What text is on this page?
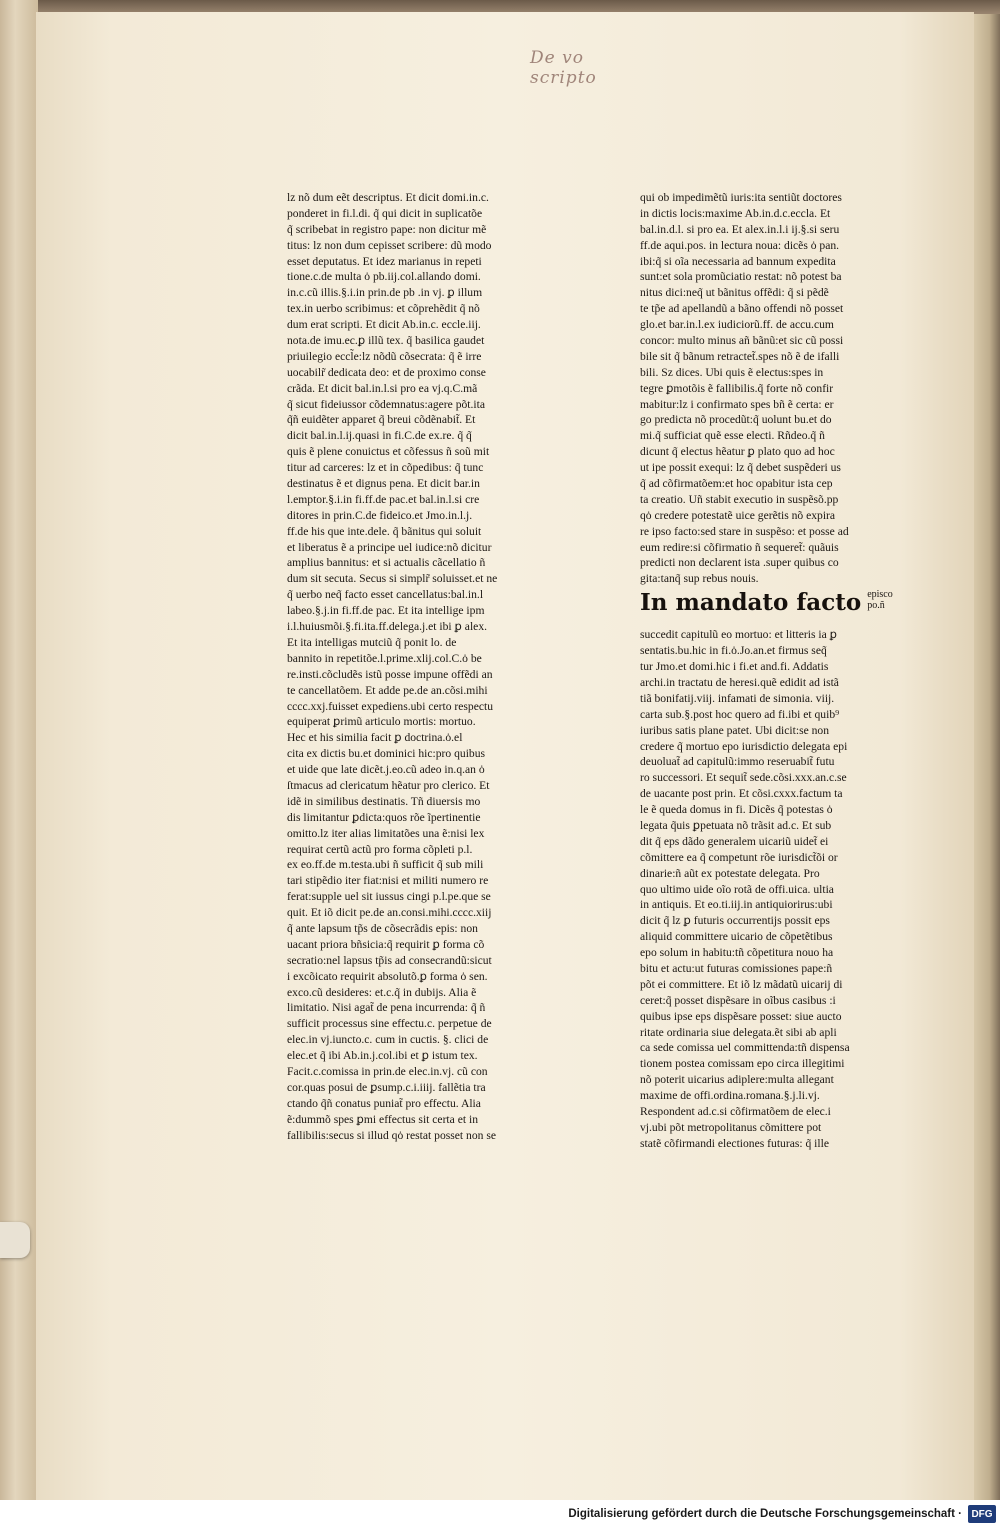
De vo scripto
lz nõ dum eẽt descriptus. Et dicit domi.in.c.
ponderet in fi.l.di. q̃ qui dicit in suplicatõe
q̃ scribebat in registro pape: non dicitur mẽ
titus: lz non dum cepisset scribere: dũ modo
esset deputatus. Et idez marianus in repeti
tione.c.de multa ȯ pb.iij.col.allando domi.
in.c.cũ illis.§.i.in prin.de pb .in vj. ꝑ illum
tex.in uerbo scribimus: et cõprehẽdit q̃ nõ
dum erat scripti. Et dicit Ab.in.c. eccle.iij.
nota.de imu.ec.ꝑ illũ tex. q̃ basilica gaudet
priuilegio eccl̃e:lz nõdũ cõsecrata: q̃ ẽ irre
uocabilr̃ dedicata deo: et de proximo conse
crãda. Et dicit bal.in.l.si pro ea vj.q.C.mã
q̃ sicut fideiussor cõdemnatus:agere põt.ita
q̃ñ euidẽter apparet q̃ breui cõdẽnabit̃. Et
dicit bal.in.l.ij.quasi in fi.C.de ex.re. q̃ q̃
quis ẽ plene conuictus et cõfessus ñ soũ mit
titur ad carceres: lz et in cõpedibus: q̃ tunc
destinatus ẽ et dignus pena. Et dicit bar.in
l.emptor.§.i.in fi.ff.de pac.et bal.in.l.si cre
ditores in prin.C.de fideico.et Jmo.in.l.j.
ff.de his que inte.dele. q̃ bãnitus qui soluit
et liberatus ẽ a principe uel iudice:nõ dicitur
amplius bannitus: et si actualis cãcellatio ñ
dum sit secuta. Secus si simplr̃ soluisset.et ne
q̃ uerbo neq̃ facto esset cancellatus:bal.in.l
labeo.§.j.in fi.ff.de pac. Et ita intellige ipm
i.l.huiusmõi.§.fi.ita.ff.delega.j.et ibi ꝑ alex.
Et ita intelligas mutciũ q̃ ponit lo. de
bannito in repetitõe.l.prime.xlij.col.C.ȯ be
re.insti.cõcludẽs istũ posse impune offẽdi an
te cancellatõem. Et adde pe.de an.cõsi.mihi
cccc.xxj.fuisset expediens.ubi certo respectu
equiperat ꝑrimũ articulo mortis: mortuo.
Hec et his similia facit ꝑ doctrina.ȯ.el
cita ex dictis bu.et dominici hic:pro quibus
et uide que late dicẽt.j.eo.cũ adeo in.q.an ȯ
ſtmacus ad clericatum hẽatur pro clerico. Et
idẽ in similibus destinatis. Tñ diuersis mo
dis limitantur ꝑdicta:quos rõe ĩpertinentie
omitto.lz iter alias limitatões una ẽ:nisi lex
requirat certũ actũ pro forma cõpleti p.l.
ex eo.ff.de m.testa.ubi ñ sufficit q̃ sub mili
tari stipẽdio iter fiat:nisi et militi numero re
ferat:supple uel sit iussus cingi p.l.pe.que se
quit. Et iõ dicit pe.de an.consi.mihi.cccc.xiij
q̃ ante lapsum tp̃s de cõsecrãdis epis: non
uacant priora bñsicia:q̃ requirit ꝑ forma cõ
secratio:nel lapsus tp̃is ad consecrandũ:sicut
i excõicato requirit absolutõ.ꝑ forma ȯ sen.
exco.cũ desideres: et.c.q̃ in dubijs. Alia ẽ
limitatio. Nisi agat̃ de pena incurrenda: q̃ ñ
sufficit processus sine effectu.c. perpetue de
elec.in vj.iuncto.c. cum in cuctis. §. clici de
elec.et q̃ ibi Ab.in.j.col.ibi et ꝑ istum tex.
Facit.c.comissa in prin.de elec.in.vj. cũ con
cor.quas posui de ꝑsump.c.i.iiij. fallẽtia tra
ctando q̃ñ conatus puniat̃ pro effectu. Alia
ẽ:dummõ spes ꝑmi effectus sit certa et in
fallibilis:secus si illud qȯ restat posset non se
qui ob impedimẽtũ iuris:ita sentiũt doctores
in dictis locis:maxime Ab.in.d.c.eccla. Et
bal.in.d.l. si pro ea. Et alex.in.l.i ij.§.si seru
ff.de aqui.pos. in lectura noua: dicẽs ȯ pan.
ibi:q̃ si oĩa necessaria ad bannum expedita
sunt:et sola promũciatio restat: nõ potest ba
nitus dici:neq̃ ut bãnitus offẽdi: q̃ si pẽdẽ
te tp̃e ad apellandũ a bãno offendi nõ posset
glo.et bar.in.l.ex iudiciorũ.ff. de accu.cum
concor: multo minus añ bãnũ:et sic cũ possi
bile sit q̃ bãnum retractet̃.spes nõ ẽ de ifalli
bili. Sz dices. Ubi quis ẽ electus:spes in
tegre ꝑmotõis ẽ fallibilis.q̃ forte nõ confir
mabitur:lz i confirmato spes bñ ẽ certa: er
go predicta nõ procedũt:q̃ uolunt bu.et do
mi.q̃ sufficiat quẽ esse electi. Rñdeo.q̃ ñ
dicunt q̃ electus hẽatur ꝑ plato quo ad hoc
ut ipe possit exequi: lz q̃ debet suspẽderi us
q̃ ad cõfirmatõem:et hoc opabitur ista cep
ta creatio. Uñ stabit executio in suspẽsõ.pp
qȯ credere potestatẽ uice gerẽtis nõ expira
re ipso facto:sed stare in suspẽso: et posse ad
eum redire:si cõfirmatio ñ sequeret̃: quãuis
predicti non declarent ista .super quibus co
gita:tanq̃ sup rebus nouis.
In mandato facto episco
po.ñ
succedit capitulũ eo mortuo: et litteris ia ꝑ
sentatis.bu.hic in fi.ȯ.Jo.an.et firmus seq̃
tur Jmo.et domi.hic i fi.et and.fi. Addatis
archi.in tractatu de heresi.quẽ edidit ad istã
tiã bonifatij.viij. infamati de simonia. viij.
carta sub.§.post hoc quero ad fi.ibi et quib⁹
iuribus satis plane patet. Ubi dicit:se non
credere q̃ mortuo epo iurisdictio delegata epi
deuoluat̃ ad capitulũ:immo reseruabit̃ futu
ro successori. Et sequit̃ sede.cõsi.xxx.an.c.se
de uacante post prin. Et cõsi.cxxx.factum ta
le ẽ queda domus in fi. Dicẽs q̃ potestas ȯ
legata q̃uis ꝑpetuata nõ trãsit ad.c. Et sub
dit q̃ eps dãdo generalem uicariũ uidet̃ ei
cõmittere ea q̃ competunt rõe iurisdict̃õi or
dinarie:ñ aũt ex potestate delegata. Pro
quo ultimo uide oĩo rotã de offi.uica. ultia
in antiquis. Et eo.ti.iij.in antiquiorirus:ubi
dicit q̃ lz ꝑ futuris occurrentijs possit eps
aliquid committere uicario de cõpetẽtibus
epo solum in habitu:tñ cõpetitura nouo ha
bitu et actu:ut futuras comissiones pape:ñ
põt ei committere. Et iõ lz mãdatũ uicarij di
ceret:q̃ posset dispẽsare in oĩbus casibus :i
quibus ipse eps dispẽsare posset: siue aucto
ritate ordinaria siue delegata.ẽt sibi ab apli
ca sede comissa uel committenda:tñ dispensa
tionem postea comissam epo circa illegitimi
nõ poterit uicarius adiplere:multa allegant
maxime de offi.ordina.romana.§.j.li.vj.
Respondent ad.c.si cõfirmatõem de elec.i
vj.ubi põt metropolitanus cõmittere pot
statẽ cõfirmandi electiones futuras: q̃ ille
Digitalisierung gefördert durch die Deutsche Forschungsgemeinschaft · DFG
